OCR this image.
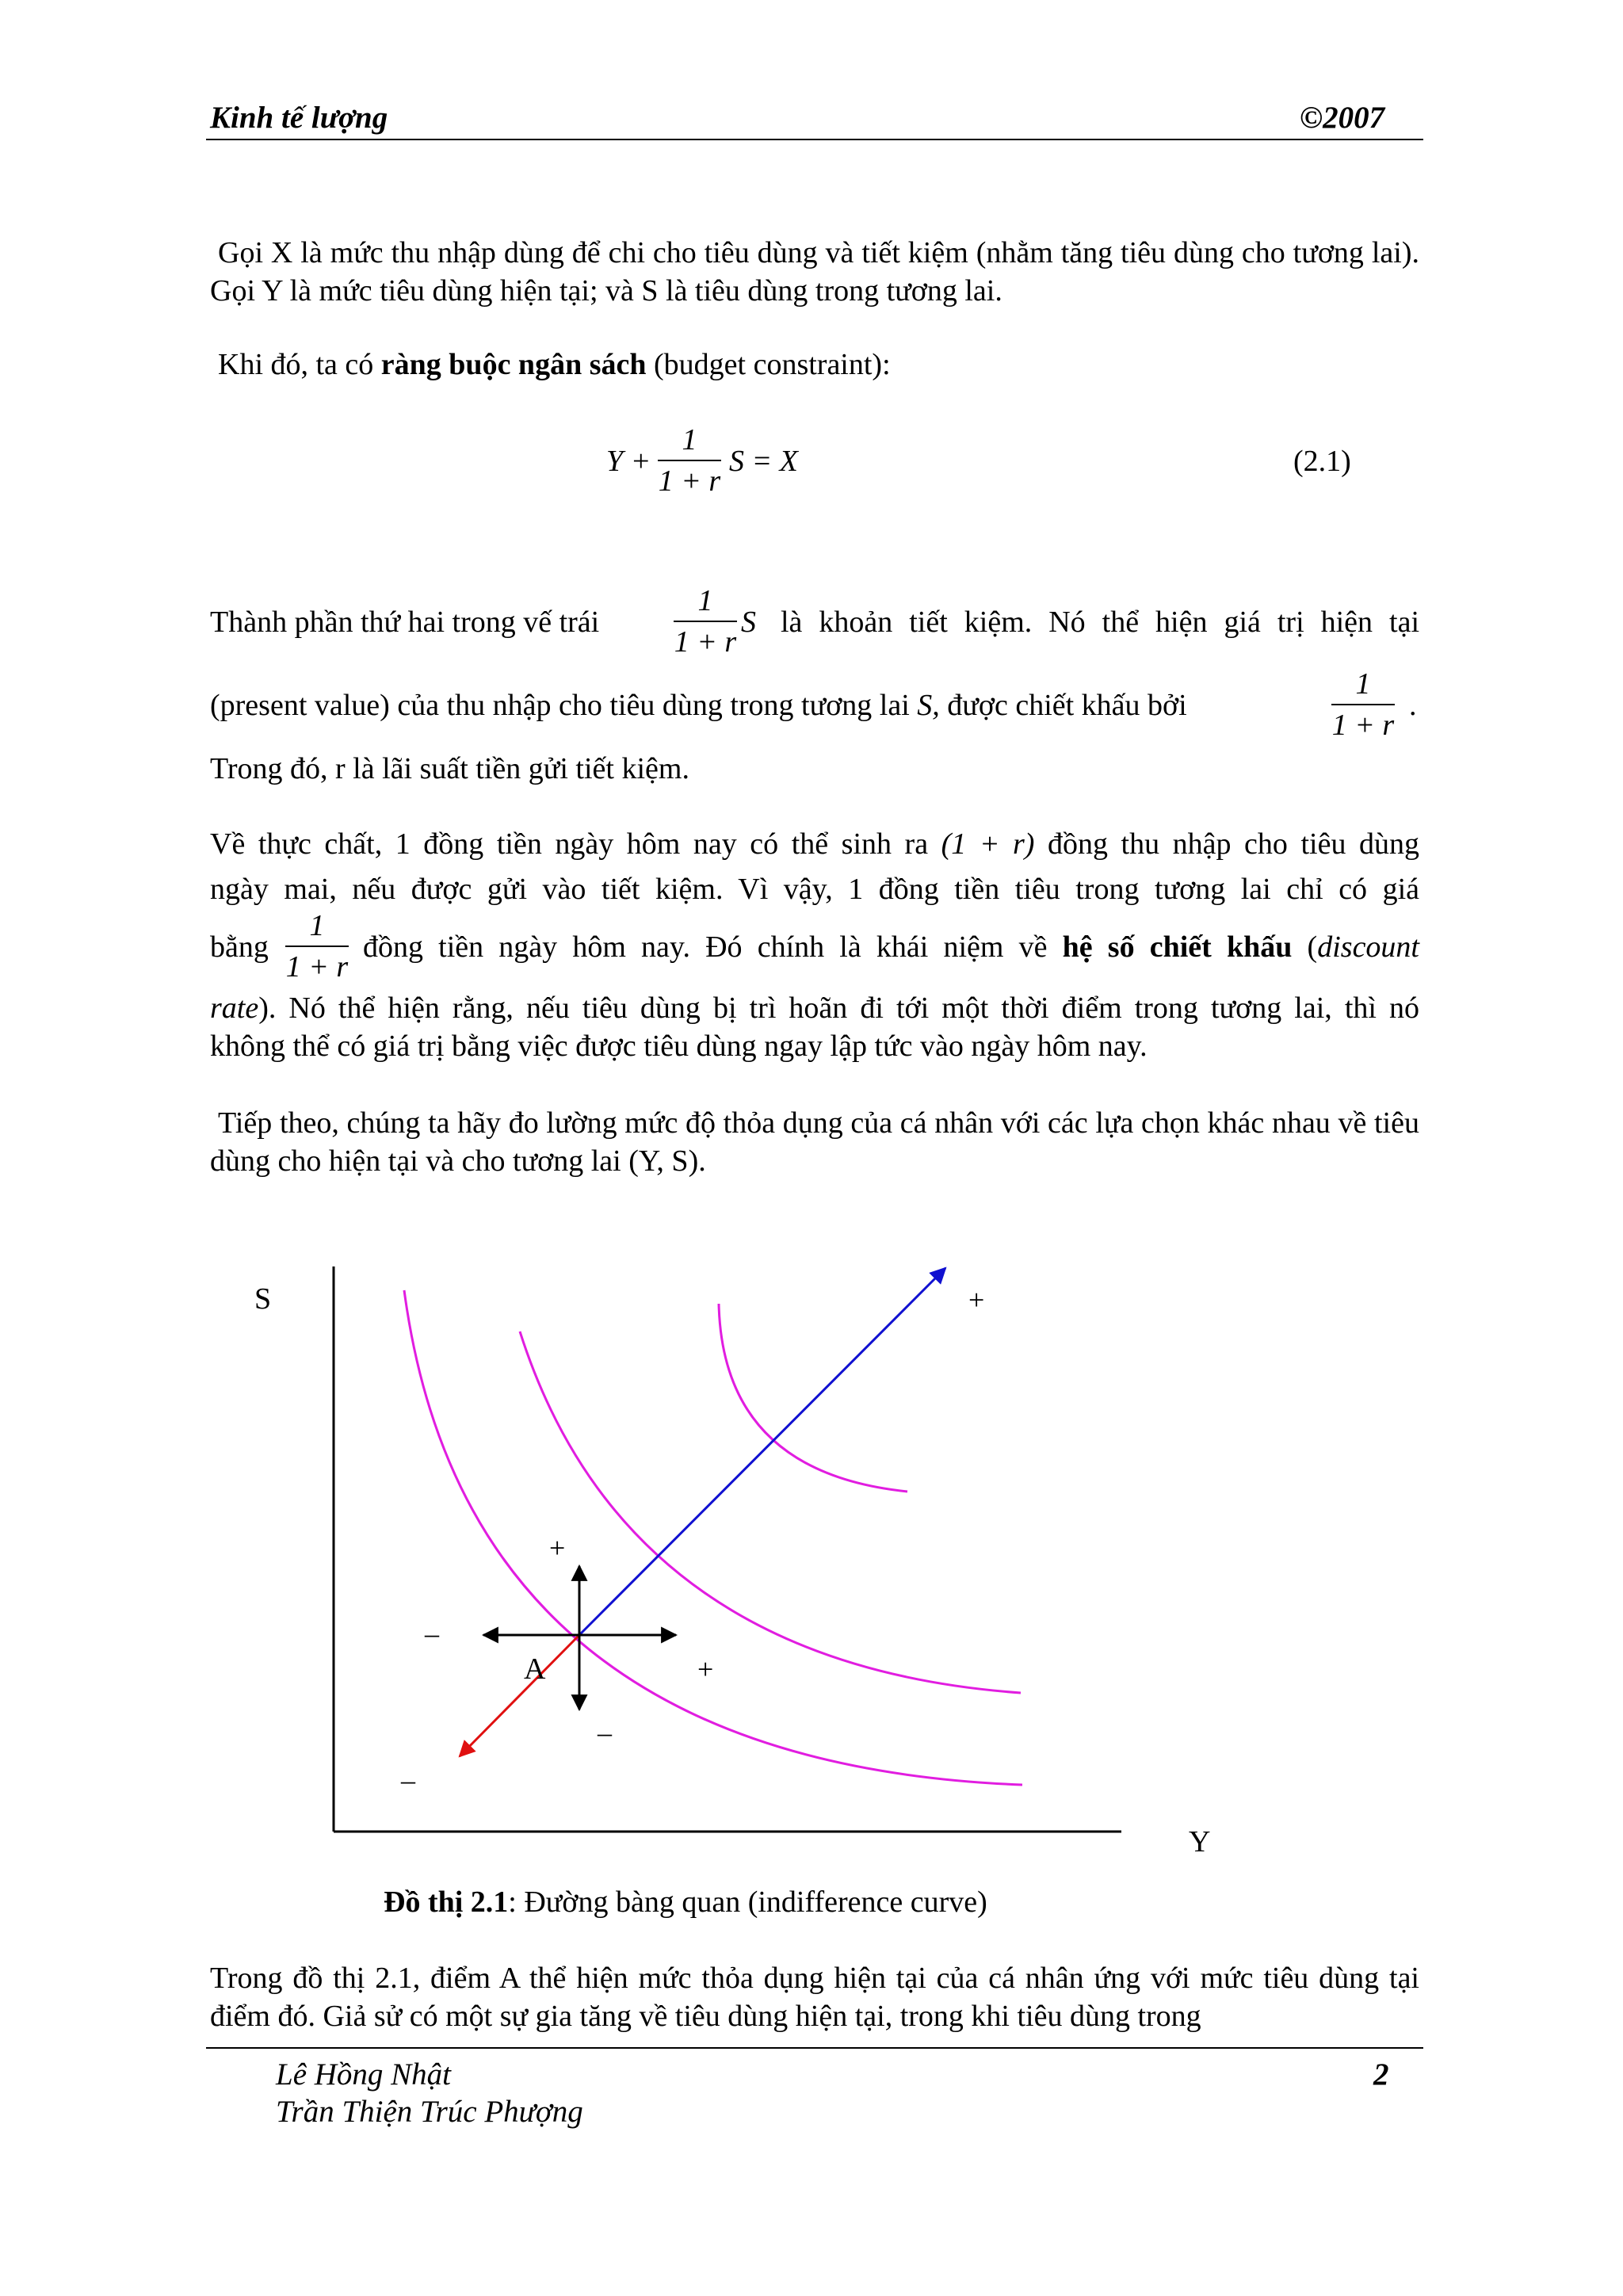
Kinh tế lượng	©2007
Gọi X là mức thu nhập dùng để chi cho tiêu dùng và tiết kiệm (nhằm tăng tiêu dùng cho tương lai). Gọi Y là mức tiêu dùng hiện tại; và S là tiêu dùng trong tương lai.
Khi đó, ta có ràng buộc ngân sách (budget constraint):
Y +
1
1 + r
S = X	(2.1)
Thành phần thứ hai trong vế trái
1
1 + r
S là khoản tiết kiệm. Nó thể hiện giá trị hiện tại
(present value) của thu nhập cho tiêu dùng trong tương lai S, được chiết khấu bởi
1
1 + r
.
Trong đó, r là lãi suất tiền gửi tiết kiệm.
Về thực chất, 1 đồng tiền ngày hôm nay có thể sinh ra (1 + r) đồng thu nhập cho tiêu dùng
ngày mai, nếu được gửi vào tiết kiệm. Vì vậy, 1 đồng tiền tiêu trong tương lai chỉ có giá
bằng
1
1 + r
đồng tiền ngày hôm nay. Đó chính là khái niệm về hệ số chiết khấu (discount
rate). Nó thể hiện rằng, nếu tiêu dùng bị trì hoãn đi tới một thời điểm trong tương lai, thì nó
không thể có giá trị bằng việc được tiêu dùng ngay lập tức vào ngày hôm nay.
Tiếp theo, chúng ta hãy đo lường mức độ thỏa dụng của cá nhân với các lựa chọn khác nhau về tiêu dùng cho hiện tại và cho tương lai (Y, S).
S
Y
+
+
+
–
–
–
A
Đồ thị 2.1: Đường bàng quan (indifference curve)
Trong đồ thị 2.1, điểm A thể hiện mức thỏa dụng hiện tại của cá nhân ứng với mức tiêu dùng tại điểm đó. Giả sử có một sự gia tăng về tiêu dùng hiện tại, trong khi tiêu dùng trong
Lê Hồng Nhật
Trần Thiện Trúc Phượng
2
